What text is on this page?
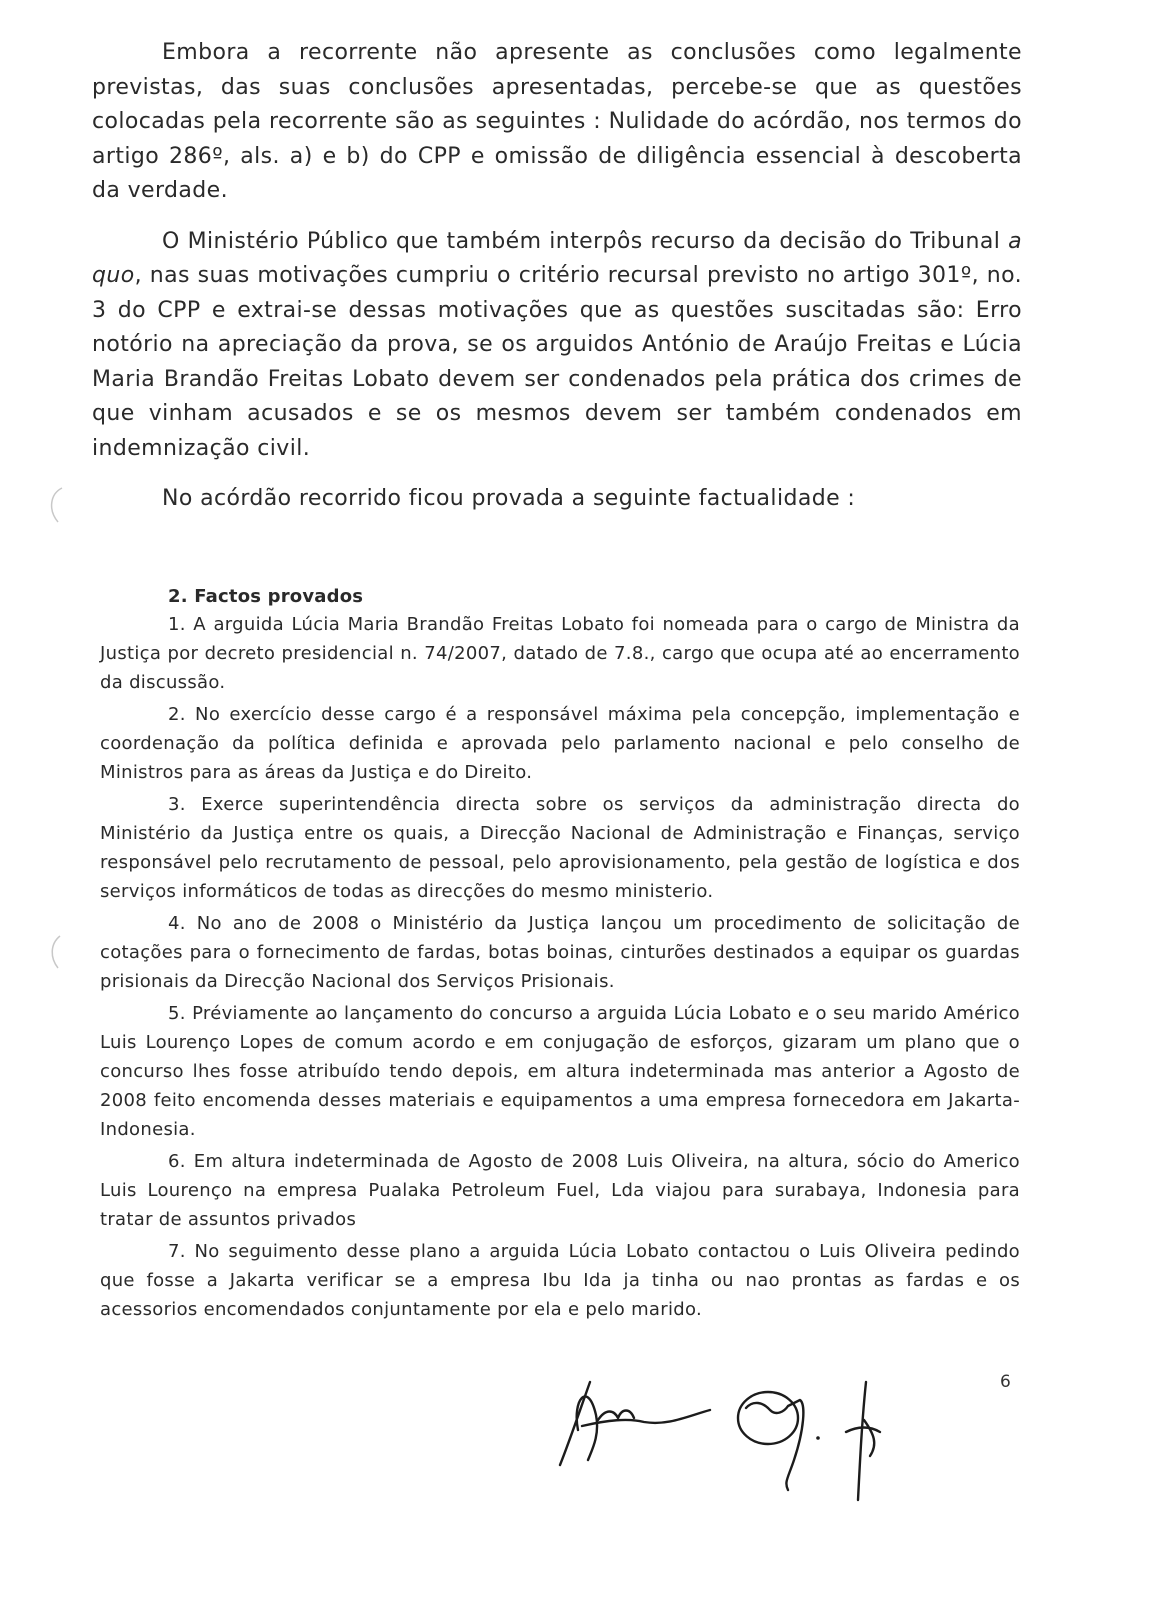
Embora a recorrente não apresente as conclusões como legalmente previstas, das suas conclusões apresentadas, percebe-se que as questões colocadas pela recorrente são as seguintes : Nulidade do acórdão, nos termos do artigo 286º, als. a) e b) do CPP e omissão de diligência essencial à descoberta da verdade.

O Ministério Público que também interpôs recurso da decisão do Tribunal a quo, nas suas motivações cumpriu o critério recursal previsto no artigo 301º, no. 3 do CPP e extrai-se dessas motivações que as questões suscitadas são: Erro notório na apreciação da prova, se os arguidos António de Araújo Freitas e Lúcia Maria Brandão Freitas Lobato devem ser condenados pela prática dos crimes de que vinham acusados e se os mesmos devem ser também condenados em indemnização civil.

No acórdão recorrido ficou provada a seguinte factualidade :

2. Factos provados

1. A arguida Lúcia Maria Brandão Freitas Lobato foi nomeada para o cargo de Ministra da Justiça por decreto presidencial n. 74/2007, datado de 7.8., cargo que ocupa até ao encerramento da discussão.

2. No exercício desse cargo é a responsável máxima pela concepção, implementação e coordenação da política definida e aprovada pelo parlamento nacional e pelo conselho de Ministros para as áreas da Justiça e do Direito.

3. Exerce superintendência directa sobre os serviços da administração directa do Ministério da Justiça entre os quais, a Direcção Nacional de Administração e Finanças, serviço responsável pelo recrutamento de pessoal, pelo aprovisionamento, pela gestão de logística e dos serviços informáticos de todas as direcções do mesmo ministerio.

4. No ano de 2008 o Ministério da Justiça lançou um procedimento de solicitação de cotações para o fornecimento de fardas, botas boinas, cinturões destinados a equipar os guardas prisionais da Direcção Nacional dos Serviços Prisionais.

5. Préviamente ao lançamento do concurso a arguida Lúcia Lobato e o seu marido Américo Luis Lourenço Lopes de comum acordo e em conjugação de esforços, gizaram um plano que o concurso lhes fosse atribuído tendo depois, em altura indeterminada mas anterior a Agosto de 2008 feito encomenda desses materiais e equipamentos a uma empresa fornecedora em Jakarta-Indonesia.

6. Em altura indeterminada de Agosto de 2008 Luis Oliveira, na altura, sócio do Americo Luis Lourenço na empresa Pualaka Petroleum Fuel, Lda viajou para surabaya, Indonesia para tratar de assuntos privados

7. No seguimento desse plano a arguida Lúcia Lobato contactou o Luis Oliveira pedindo que fosse a Jakarta verificar se a empresa Ibu Ida ja tinha ou nao prontas as fardas e os acessorios encomendados conjuntamente por ela e pelo marido.

6
